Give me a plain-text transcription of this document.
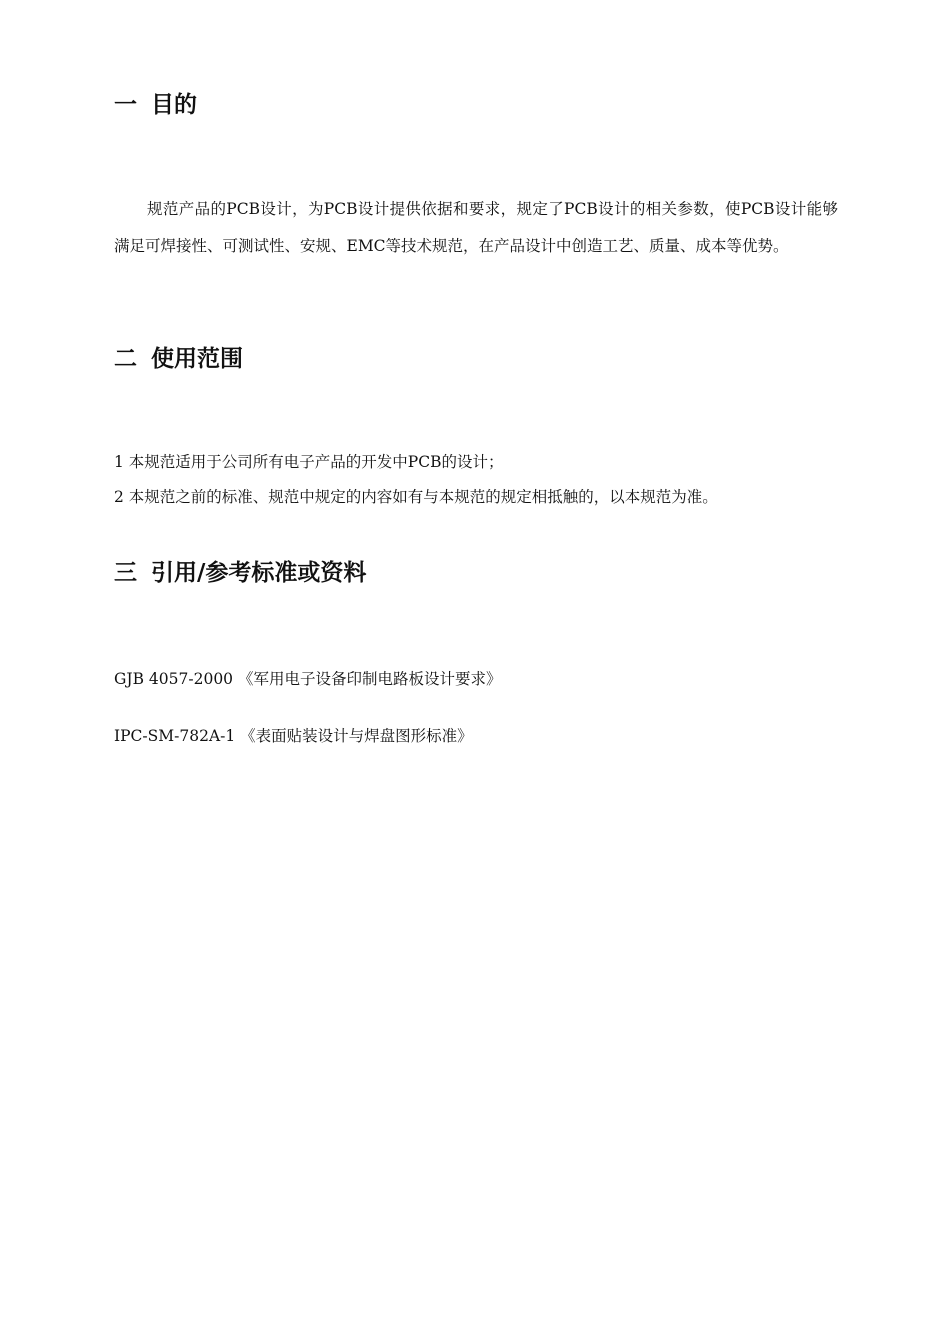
一 目的

规范产品的PCB设计，为PCB设计提供依据和要求，规定了PCB设计的相关参数，使PCB设计能够满足可焊接性、可测试性、安规、EMC等技术规范，在产品设计中创造工艺、质量、成本等优势。

二 使用范围

1 本规范适用于公司所有电子产品的开发中PCB的设计；

2 本规范之前的标准、规范中规定的内容如有与本规范的规定相抵触的，以本规范为准。

三 引用/参考标准或资料

GJB 4057-2000 《军用电子设备印制电路板设计要求》

IPC-SM-782A-1 《表面贴装设计与焊盘图形标准》
